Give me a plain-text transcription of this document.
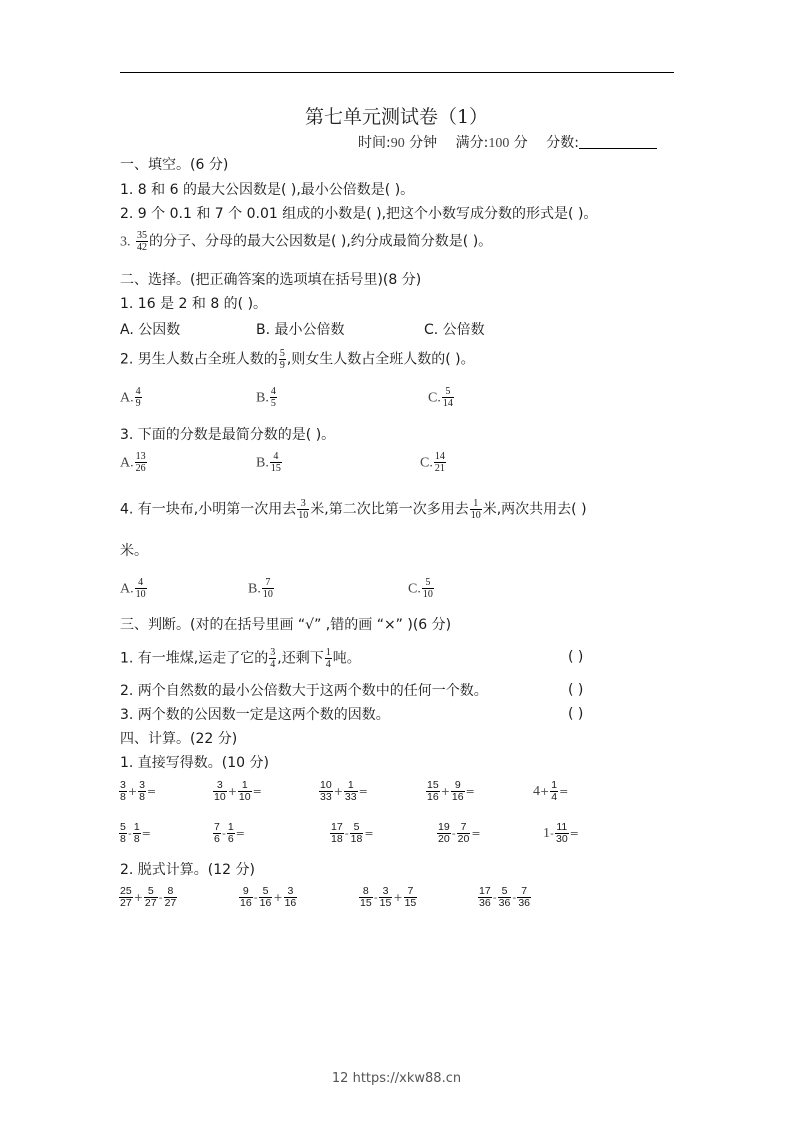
第七单元测试卷（1）
时间:90 分钟 满分:100 分 分数:
一、填空。(6 分)
1. 8 和 6 的最大公因数是( ),最小公倍数是( )。
2. 9 个 0.1 和 7 个 0.01 组成的小数是( ),把这个小数写成分数的形式是( )。
3. $\frac{35}{42}$ 的分子、分母的最大公因数是( ),约分成最简分数是( )。
二、选择。(把正确答案的选项填在括号里)(8 分)
1. 16 是 2 和 8 的( )。
A. 公因数	B. 最小公倍数	C. 公倍数
2. 男生人数占全班人数的 $\frac{5}{9}$ ,则女生人数占全班人数的( )。
A. $\frac{4}{9}$	B. $\frac{4}{5}$	C. $\frac{5}{14}$
3. 下面的分数是最简分数的是( )。
A. $\frac{13}{26}$	B. $\frac{4}{15}$	C. $\frac{14}{21}$
4. 有一块布,小明第一次用去 $\frac{3}{10}$ 米,第二次比第一次多用去 $\frac{1}{10}$ 米,两次共用去( )
米。
A. $\frac{4}{10}$	B. $\frac{7}{10}$	C. $\frac{5}{10}$
三、判断。(对的在括号里画 “√” ,错的画 “×” )(6 分)
1. 有一堆煤,运走了它的 $\frac{3}{4}$ ,还剩下 $\frac{1}{4}$ 吨。	( )
2. 两个自然数的最小公倍数大于这两个数中的任何一个数。	( )
3. 两个数的公因数一定是这两个数的因数。	( )
四、计算。(22 分)
1. 直接写得数。(10 分)
$\frac{3}{8} + \frac{3}{8}$ =	$\frac{3}{10} + \frac{1}{10}$ =	$\frac{10}{33} + \frac{1}{33}$ =	$\frac{15}{16} + \frac{9}{16}$ =	$4 + \frac{1}{4}$ =
$\frac{5}{8} - \frac{1}{8}$ =	$\frac{7}{6} - \frac{1}{6}$ =	$\frac{17}{18} - \frac{5}{18}$ =	$\frac{19}{20} - \frac{7}{20}$ =	$1 - \frac{11}{30}$ =
2. 脱式计算。(12 分)
$\frac{25}{27} + \frac{5}{27} - \frac{8}{27}$	$\frac{9}{16} - \frac{5}{16} + \frac{3}{16}$	$\frac{8}{15} - \frac{3}{15} + \frac{7}{15}$	$\frac{17}{36} - \frac{5}{36} - \frac{7}{36}$
12 https://xkw88.cn
